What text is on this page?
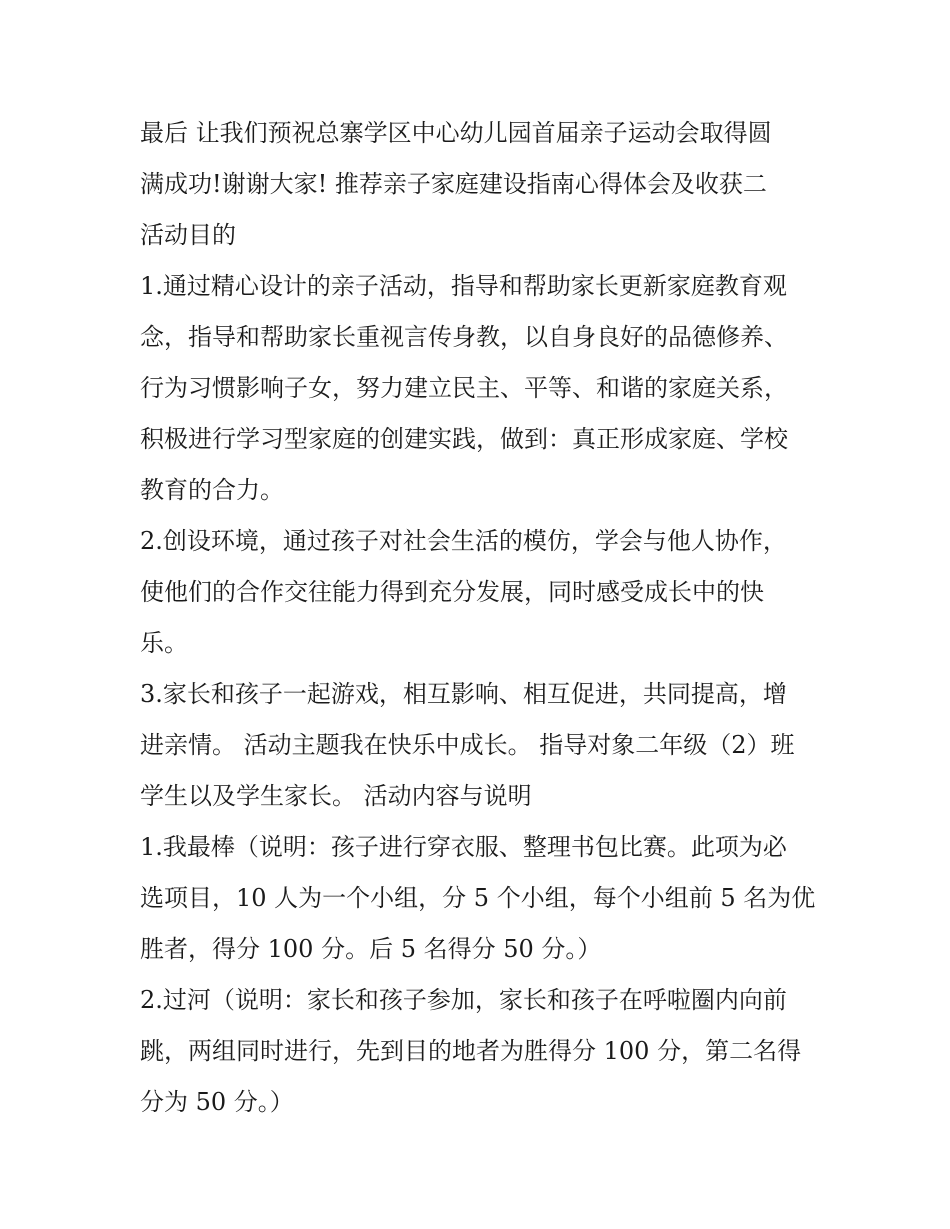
最后 让我们预祝总寨学区中心幼儿园首届亲子运动会取得圆
满成功!谢谢大家! 推荐亲子家庭建设指南心得体会及收获二
活动目的
1.通过精心设计的亲子活动，指导和帮助家长更新家庭教育观
念，指导和帮助家长重视言传身教，以自身良好的品德修养、
行为习惯影响子女，努力建立民主、平等、和谐的家庭关系，
积极进行学习型家庭的创建实践，做到：真正形成家庭、学校
教育的合力。
2.创设环境，通过孩子对社会生活的模仿，学会与他人协作，
使他们的合作交往能力得到充分发展，同时感受成长中的快
乐。
3.家长和孩子一起游戏，相互影响、相互促进，共同提高，增
进亲情。 活动主题我在快乐中成长。 指导对象二年级（2）班
学生以及学生家长。 活动内容与说明
1.我最棒（说明：孩子进行穿衣服、整理书包比赛。此项为必
选项目，10 人为一个小组，分 5 个小组，每个小组前 5 名为优
胜者，得分 100 分。后 5 名得分 50 分。）
2.过河（说明：家长和孩子参加，家长和孩子在呼啦圈内向前
跳，两组同时进行，先到目的地者为胜得分 100 分，第二名得
分为 50 分。）
